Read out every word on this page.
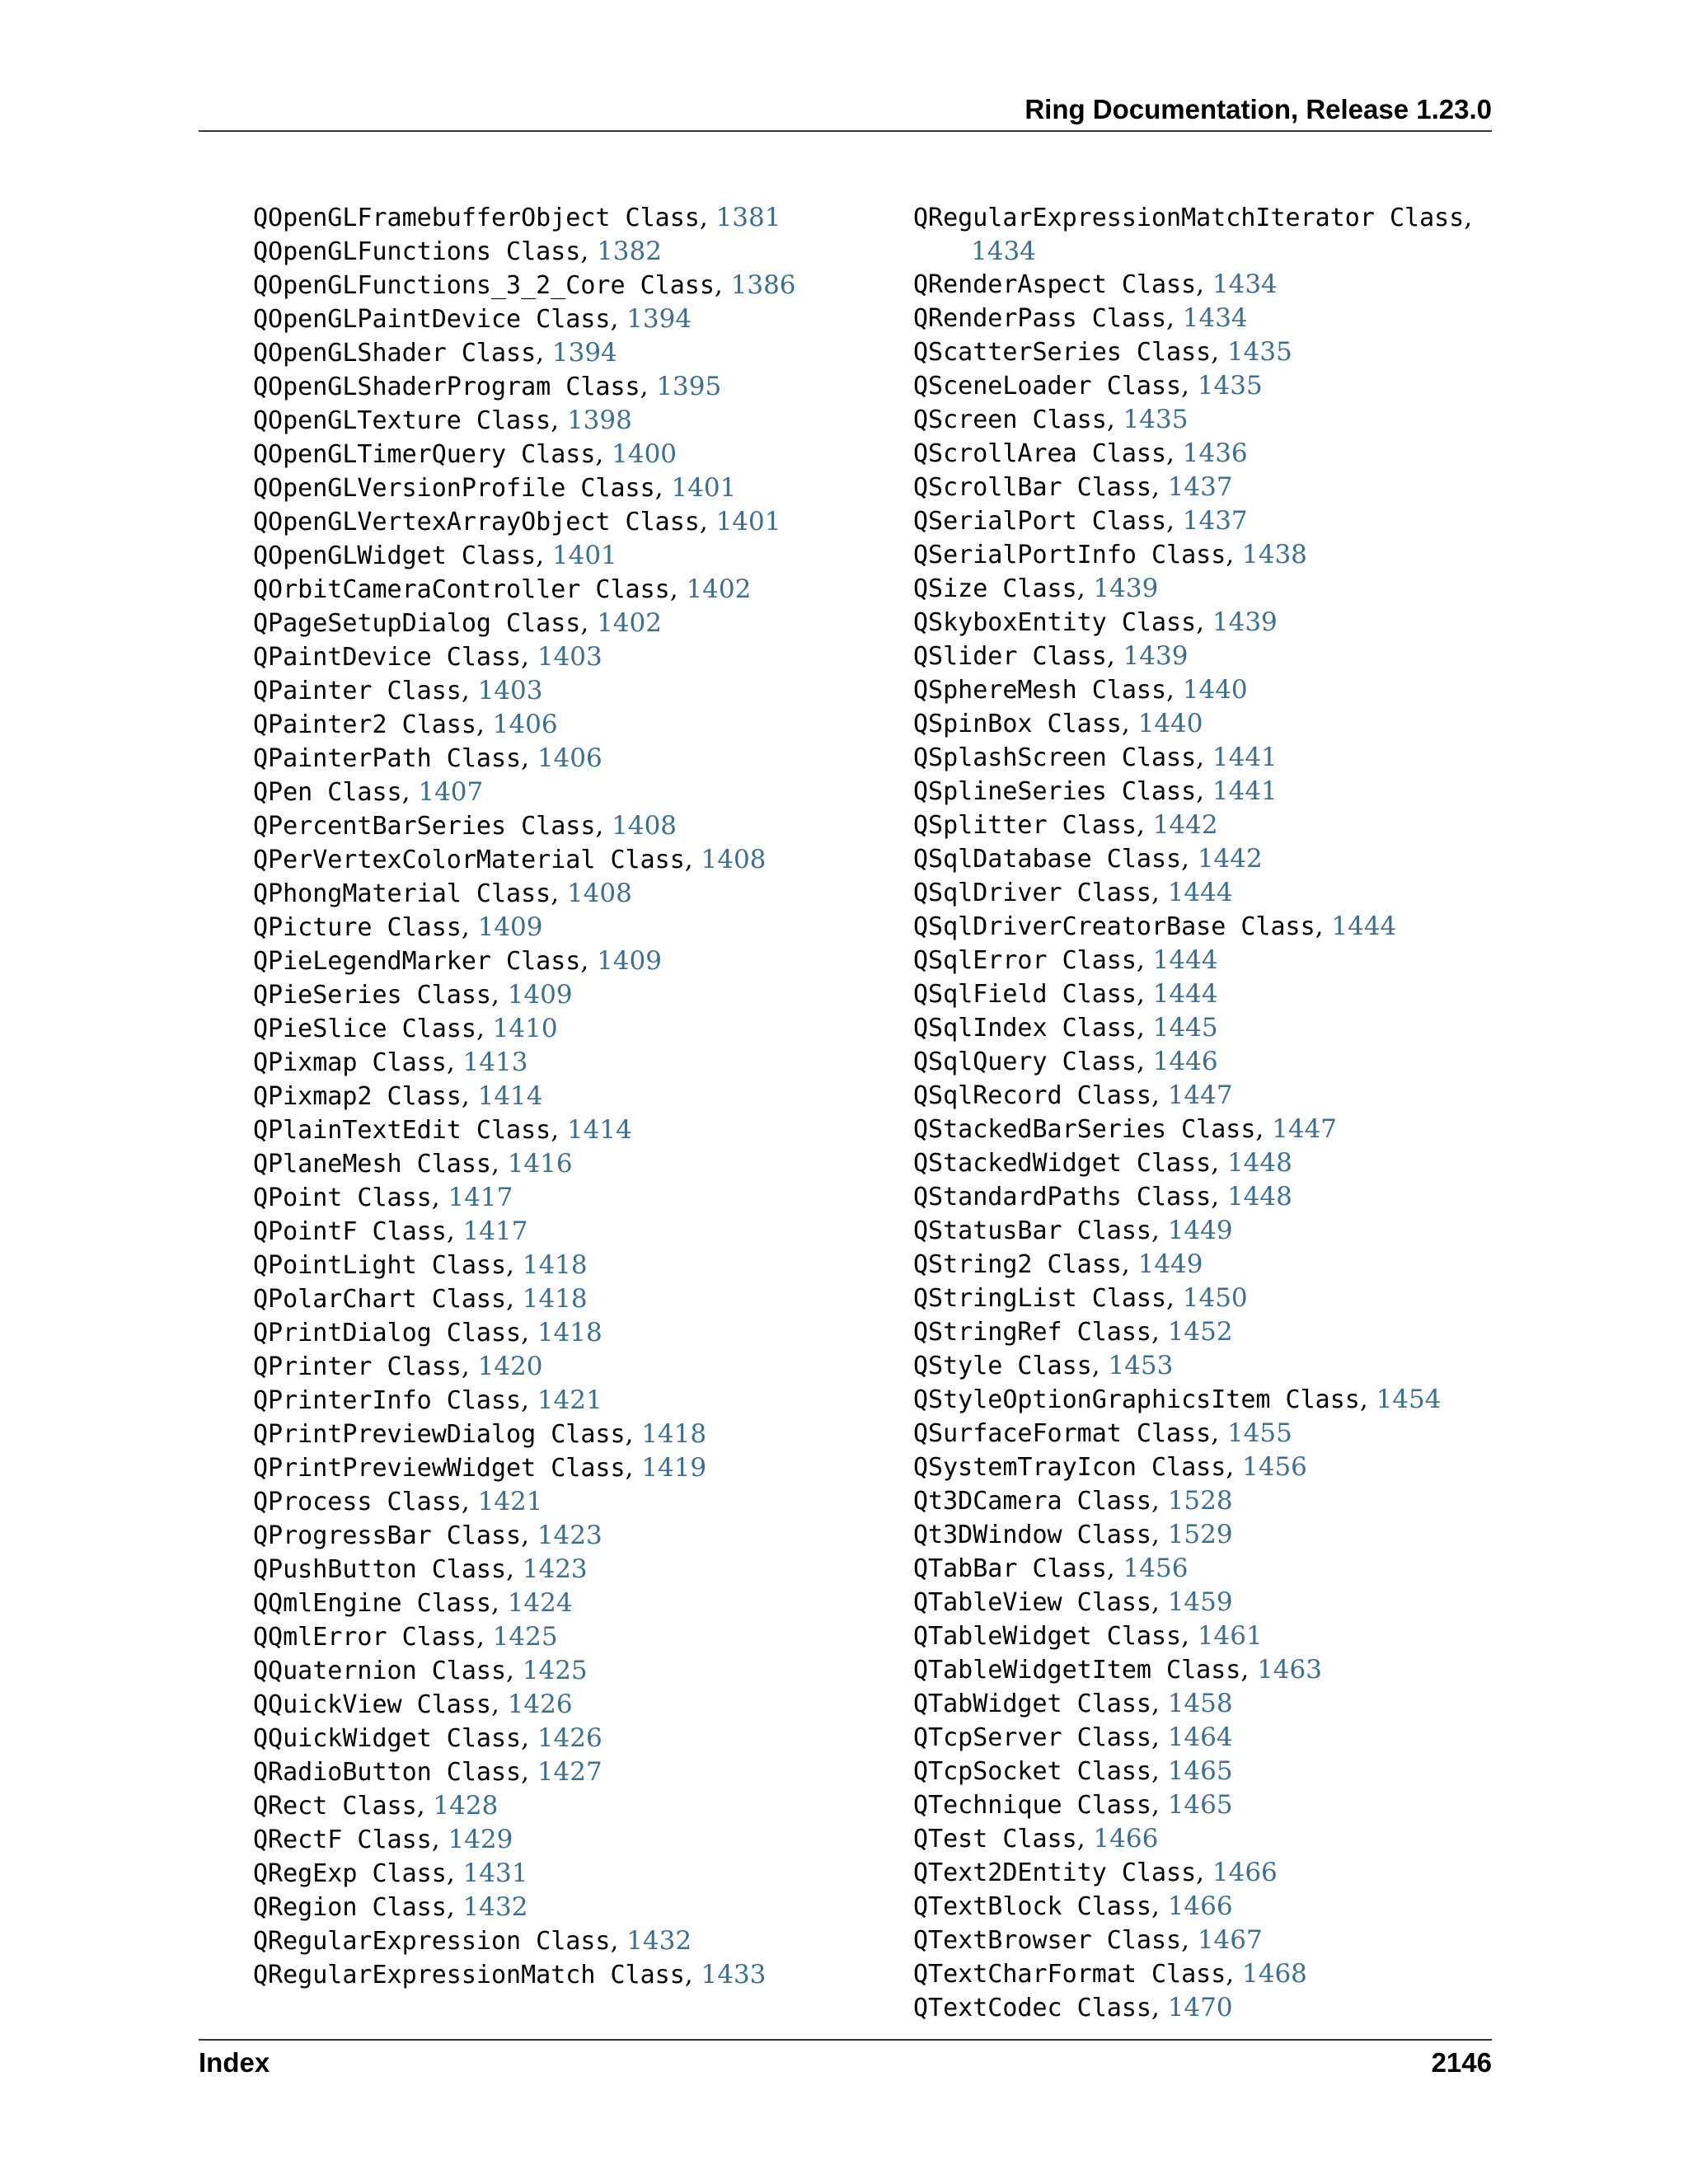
Ring Documentation, Release 1.23.0
QOpenGLFramebufferObject Class, 1381
QOpenGLFunctions Class, 1382
QOpenGLFunctions_3_2_Core Class, 1386
QOpenGLPaintDevice Class, 1394
QOpenGLShader Class, 1394
QOpenGLShaderProgram Class, 1395
QOpenGLTexture Class, 1398
QOpenGLTimerQuery Class, 1400
QOpenGLVersionProfile Class, 1401
QOpenGLVertexArrayObject Class, 1401
QOpenGLWidget Class, 1401
QOrbitCameraController Class, 1402
QPageSetupDialog Class, 1402
QPaintDevice Class, 1403
QPainter Class, 1403
QPainter2 Class, 1406
QPainterPath Class, 1406
QPen Class, 1407
QPercentBarSeries Class, 1408
QPerVertexColorMaterial Class, 1408
QPhongMaterial Class, 1408
QPicture Class, 1409
QPieLegendMarker Class, 1409
QPieSeries Class, 1409
QPieSlice Class, 1410
QPixmap Class, 1413
QPixmap2 Class, 1414
QPlainTextEdit Class, 1414
QPlaneMesh Class, 1416
QPoint Class, 1417
QPointF Class, 1417
QPointLight Class, 1418
QPolarChart Class, 1418
QPrintDialog Class, 1418
QPrinter Class, 1420
QPrinterInfo Class, 1421
QPrintPreviewDialog Class, 1418
QPrintPreviewWidget Class, 1419
QProcess Class, 1421
QProgressBar Class, 1423
QPushButton Class, 1423
QQmlEngine Class, 1424
QQmlError Class, 1425
QQuaternion Class, 1425
QQuickView Class, 1426
QQuickWidget Class, 1426
QRadioButton Class, 1427
QRect Class, 1428
QRectF Class, 1429
QRegExp Class, 1431
QRegion Class, 1432
QRegularExpression Class, 1432
QRegularExpressionMatch Class, 1433
QRegularExpressionMatchIterator Class, 1434
QRenderAspect Class, 1434
QRenderPass Class, 1434
QScatterSeries Class, 1435
QSceneLoader Class, 1435
QScreen Class, 1435
QScrollArea Class, 1436
QScrollBar Class, 1437
QSerialPort Class, 1437
QSerialPortInfo Class, 1438
QSize Class, 1439
QSkyboxEntity Class, 1439
QSlider Class, 1439
QSphereMesh Class, 1440
QSpinBox Class, 1440
QSplashScreen Class, 1441
QSplineSeries Class, 1441
QSplitter Class, 1442
QSqlDatabase Class, 1442
QSqlDriver Class, 1444
QSqlDriverCreatorBase Class, 1444
QSqlError Class, 1444
QSqlField Class, 1444
QSqlIndex Class, 1445
QSqlQuery Class, 1446
QSqlRecord Class, 1447
QStackedBarSeries Class, 1447
QStackedWidget Class, 1448
QStandardPaths Class, 1448
QStatusBar Class, 1449
QString2 Class, 1449
QStringList Class, 1450
QStringRef Class, 1452
QStyle Class, 1453
QStyleOptionGraphicsItem Class, 1454
QSurfaceFormat Class, 1455
QSystemTrayIcon Class, 1456
Qt3DCamera Class, 1528
Qt3DWindow Class, 1529
QTabBar Class, 1456
QTableView Class, 1459
QTableWidget Class, 1461
QTableWidgetItem Class, 1463
QTabWidget Class, 1458
QTcpServer Class, 1464
QTcpSocket Class, 1465
QTechnique Class, 1465
QTest Class, 1466
QText2DEntity Class, 1466
QTextBlock Class, 1466
QTextBrowser Class, 1467
QTextCharFormat Class, 1468
QTextCodec Class, 1470
Index	2146
